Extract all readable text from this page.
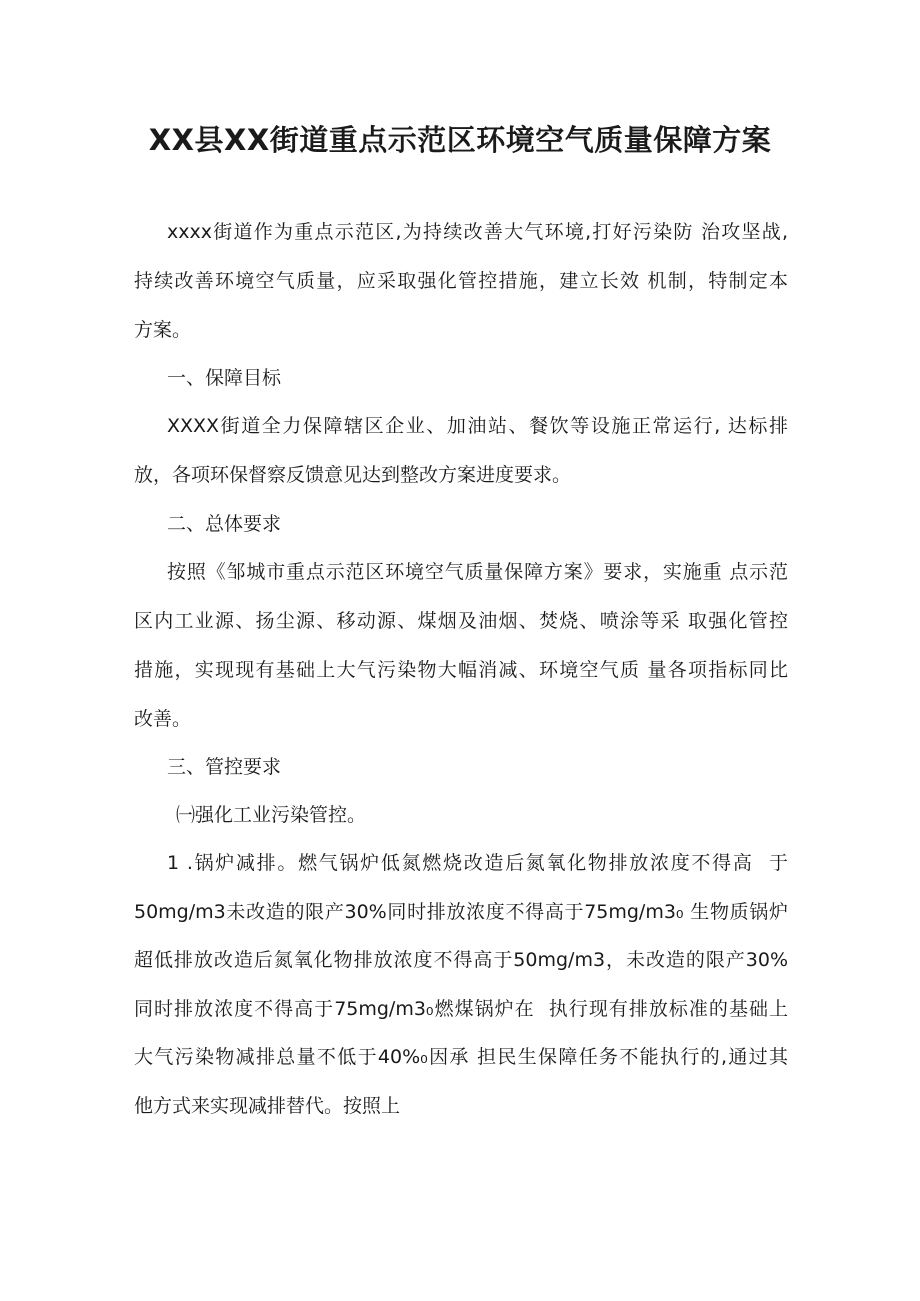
XX县XX街道重点示范区环境空气质量保障方案
xxxx街道作为重点示范区,为持续改善大气环境,打好污染防 治攻坚战,
持续改善环境空气质量，应采取强化管控措施，建立长效 机制，特制定本
方案。
一、保障目标
XXXX街道全力保障辖区企业、加油站、餐饮等设施正常运行, 达标排
放，各项环保督察反馈意见达到整改方案进度要求。
二、总体要求
按照《邹城市重点示范区环境空气质量保障方案》要求，实施重 点示范
区内工业源、扬尘源、移动源、煤烟及油烟、焚烧、喷涂等采 取强化管控
措施，实现现有基础上大气污染物大幅消减、环境空气质 量各项指标同比
改善。
三、管控要求
㈠强化工业污染管控。
1 .锅炉减排。燃气锅炉低氮燃烧改造后氮氧化物排放浓度不得高  于
50mg∕m3未改造的限产30%同时排放浓度不得高于75mg∕m3₀ 生物质锅炉
超低排放改造后氮氧化物排放浓度不得高于50mg∕m3，未改造的限产30%
同时排放浓度不得高于75mg∕m3₀燃煤锅炉在  执行现有排放标准的基础上
大气污染物减排总量不低于40%₀因承 担民生保障任务不能执行的,通过其
他方式来实现减排替代。按照上
